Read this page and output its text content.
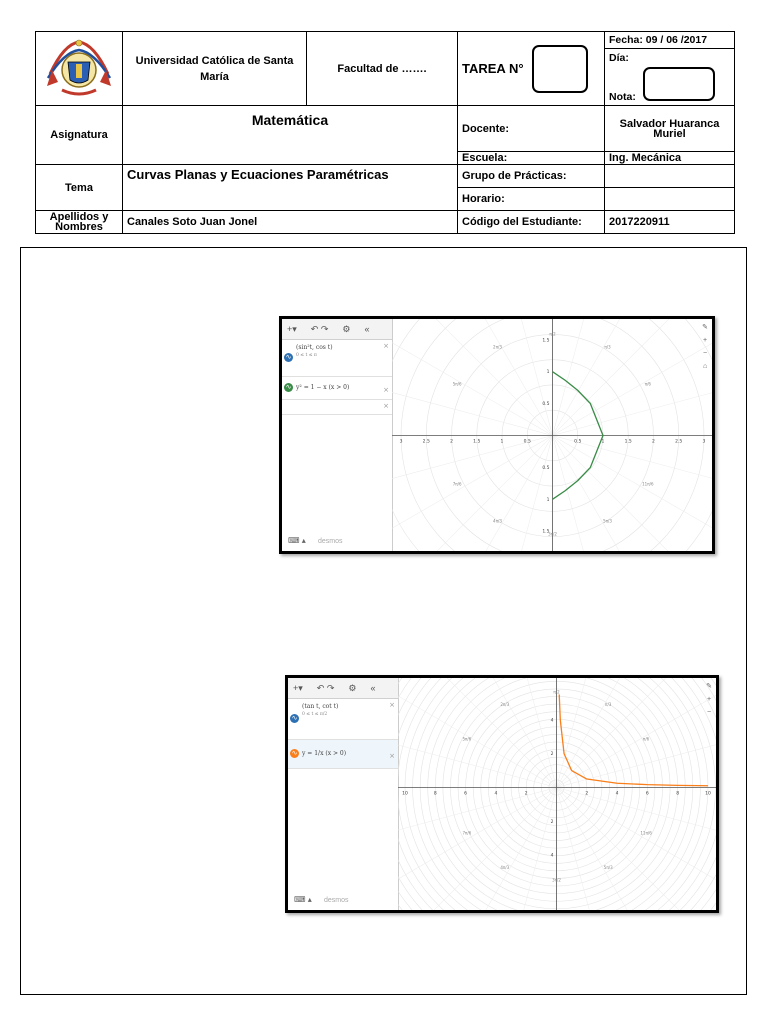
	Universidad Católica de Santa María	Facultad de …….	TAREA N°	Fecha: 09 / 06 /2017
Día:
Nota:

Asignatura	Matemática		Docente:	Salvador Huaranca Muriel
			Escuela:	Ing. Mecánica
Tema	Curvas Planas y Ecuaciones Paramétricas		Grupo de Prácticas:	
			Horario:	
Apellidos y Nombres	Canales Soto Juan Jonel		Código del Estudiante:	2017220911
+▾ ↶ ↷ ⚙ «
∿
(sin²t, cos t)
0 ≤ t ≤ π
×
∿ y² = 1 − x (x > 0)	×
×
⌨ ▴ desmos
3	2.5	2	1.5	1	0.5	0.5	1	1.5	2	2.5	3
1.5
1
0.5
0.5
1
1.5
2π/3	π/3
5π/6	π/6
7π/6	11π/6
4π/3	5π/3
π/2
3π/2
✎
+
−
⌂
+▾ ↶ ↷ ⚙ «
∿
(tan t, cot t)
0 ≤ t ≤ π/2
×
∿ y = 1/x (x > 0)	×
⌨ ▴ desmos
10	8	6	4	2	2	4	6	8	10
4
2
2
4
2π/3	π/3
5π/6	π/6
7π/6	11π/6
4π/3	5π/3
π/2
3π/2
✎
+
−
